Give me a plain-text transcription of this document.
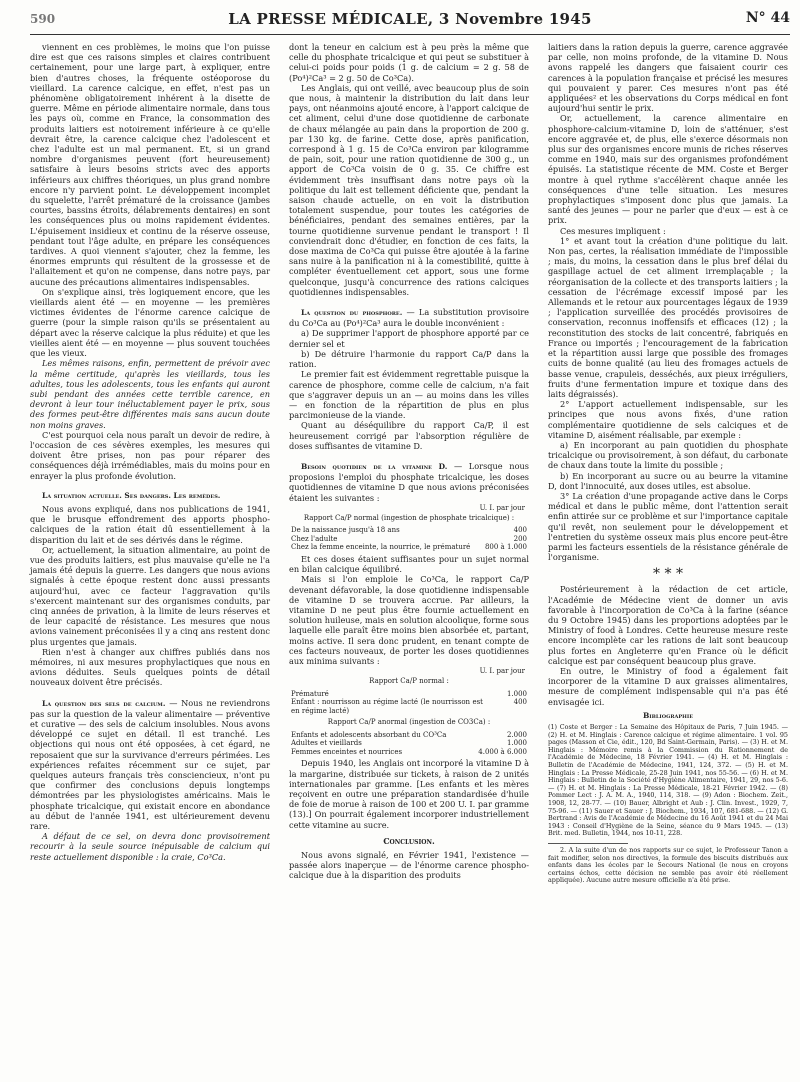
590	LA PRESSE MÉDICALE, 3 Novembre 1945	N° 44

viennent en ces problèmes, le moins que l'on puisse dire est que ces raisons simples et claires contribuent certainement, pour une large part, à expliquer, entre bien d'autres choses, la fréquente ostéoporose du vieillard. La carence calcique, en effet, n'est pas un phénomène obligatoirement inhérent à la disette de guerre. Même en période alimentaire normale, dans tous les pays où, comme en France, la consommation des produits laitiers est notoirement inférieure à ce qu'elle devrait être, la carence calcique chez l'adolescent et chez l'adulte est un mal permanent. Et, si un grand nombre d'organismes peuvent (fort heureusement) satisfaire à leurs besoins stricts avec des apports inférieurs aux chiffres théoriques, un plus grand nombre encore n'y parvient point. Le développement incomplet du squelette, l'arrêt prématuré de la croissance (jambes courtes, bassins étroits, délabrements dentaires) en sont les conséquences plus ou moins rapidement évidentes. L'épuisement insidieux et continu de la réserve osseuse, pendant tout l'âge adulte, en prépare les conséquences tardives. A quoi viennent s'ajouter, chez la femme, les énormes emprunts qui résultent de la grossesse et de l'allaitement et qu'on ne compense, dans notre pays, par aucune des précautions alimentaires indispensables.

On s'explique ainsi, très logiquement encore, que les vieillards aient été — en moyenne — les premières victimes évidentes de l'énorme carence calcique de guerre (pour la simple raison qu'ils se présentaient au départ avec la réserve calcique la plus réduite) et que les vieilles aient été — en moyenne — plus souvent touchées que les vieux.

Les mêmes raisons, enfin, permettent de prévoir avec la même certitude, qu'après les vieillards, tous les adultes, tous les adolescents, tous les enfants qui auront subi pendant des années cette terrible carence, en devront à leur tour inéluctablement payer le prix, sous des formes peut-être différentes mais sans aucun doute non moins graves.

C'est pourquoi cela nous paraît un devoir de redire, à l'occasion de ces sévères exemples, les mesures qui doivent être prises, non pas pour réparer des conséquences déjà irrémédiables, mais du moins pour en enrayer la plus profonde évolution.

La situation actuelle. Ses dangers. Les remèdes.

Nous avons expliqué, dans nos publications de 1941, que le brusque effondrement des apports phospho-calciques de la ration était dû essentiellement à la disparition du lait et de ses dérivés dans le régime.

Or, actuellement, la situation alimentaire, au point de vue des produits laitiers, est plus mauvaise qu'elle ne l'a jamais été depuis la guerre. Les dangers que nous avions signalés à cette époque restent donc aussi pressants aujourd'hui, avec ce facteur l'aggravation qu'ils s'exercent maintenant sur des organismes conduits, par cinq années de privation, à la limite de leurs réserves et de leur capacité de résistance. Les mesures que nous avions vainement préconisées il y a cinq ans restent donc plus urgentes que jamais.

Rien n'est à changer aux chiffres publiés dans nos mémoires, ni aux mesures prophylactiques que nous en avions déduites. Seuls quelques points de détail nouveaux doivent être précisés.

La question des sels de calcium. — Nous ne reviendrons pas sur la question de la valeur alimentaire — préventive et curative — des sels de calcium insolubles. Nous avons développé ce sujet en détail. Il est tranché. Les objections qui nous ont été opposées, à cet égard, ne reposaient que sur la survivance d'erreurs périmées. Les expériences refaites récemment sur ce sujet, par quelques auteurs français très consciencieux, n'ont pu que confirmer des conclusions depuis longtemps démontrées par les physiologistes américains. Mais le phosphate tricalcique, qui existait encore en abondance au début de l'année 1941, est ultérieurement devenu rare.

A défaut de ce sel, on devra donc provisoirement recourir à la seule source inépuisable de calcium qui reste actuellement disponible : la craie, Co³Ca.

dont la teneur en calcium est à peu près la même que celle du phosphate tricalcique et qui peut se substituer à celui-ci poids pour poids (1 g. de calcium = 2 g. 58 de (Po⁴)²Ca³ = 2 g. 50 de Co³Ca).

Les Anglais, qui ont veillé, avec beaucoup plus de soin que nous, à maintenir la distribution du lait dans leur pays, ont néanmoins ajouté encore, à l'apport calcique de cet aliment, celui d'une dose quotidienne de carbonate de chaux mélangée au pain dans la proportion de 200 g. par 130 kg. de farine. Cette dose, après panification, correspond à 1 g. 15 de Co³Ca environ par kilogramme de pain, soit, pour une ration quotidienne de 300 g., un apport de Co³Ca voisin de 0 g. 35. Ce chiffre est évidemment très insuffisant dans notre pays où la politique du lait est tellement déficiente que, pendant la saison chaude actuelle, on en voit la distribution totalement suspendue, pour toutes les catégories de bénéficiaires, pendant des semaines entières, par la tourne quotidienne survenue pendant le transport ! Il conviendrait donc d'étudier, en fonction de ces faits, la dose maxima de Co³Ca qui puisse être ajoutée à la farine sans nuire à la panification ni à la comestibilité, quitte à compléter éventuellement cet apport, sous une forme quelconque, jusqu'à concurrence des rations calciques quotidiennes indispensables.

La question du phosphore. — La substitution provisoire du Co³Ca au (Po⁴)²Ca³ aura le double inconvénient :

a) De supprimer l'apport de phosphore apporté par ce dernier sel et

b) De détruire l'harmonie du rapport Ca/P dans la ration.

Le premier fait est évidemment regrettable puisque la carence de phosphore, comme celle de calcium, n'a fait que s'aggraver depuis un an — au moins dans les villes — en fonction de la répartition de plus en plus parcimonieuse de la viande.

Quant au déséquilibre du rapport Ca/P, il est heureusement corrigé par l'absorption régulière de doses suffisantes de vitamine D.

Besoin quotidien de la vitamine D. — Lorsque nous proposions l'emploi du phosphate tricalcique, les doses quotidiennes de vitamine D que nous avions préconisées étaient les suivantes :

U. I. par jour
Rapport Ca/P normal (ingestion de phosphate tricalcique) :
De la naissance jusqu'à 18 ans	400
Chez l'adulte	200
Chez la femme enceinte, la nourrice, le prématuré	800 à 1.000

Et ces doses étaient suffisantes pour un sujet normal en bilan calcique équilibré.

Mais si l'on emploie le Co³Ca, le rapport Ca/P devenant défavorable, la dose quotidienne indispensable de vitamine D se trouvera accrue. Par ailleurs, la vitamine D ne peut plus être fournie actuellement en solution huileuse, mais en solution alcoolique, forme sous laquelle elle paraît être moins bien absorbée et, partant, moins active. Il sera donc prudent, en tenant compte de ces facteurs nouveaux, de porter les doses quotidiennes aux minima suivants :

U. I. par jour
Rapport Ca/P normal :
Prématuré	1.000
Enfant : nourrisson au régime lacté (le nourrisson est en régime lacté)	400
Rapport Ca/P anormal (ingestion de CO3Ca) :
Enfants et adolescents absorbant du CO³Ca	2.000
Adultes et vieillards	1.000
Femmes enceintes et nourrices	4.000 à 6.000

Depuis 1940, les Anglais ont incorporé la vitamine D à la margarine, distribuée sur tickets, à raison de 2 unités internationales par gramme. [Les enfants et les mères reçoivent en outre une préparation standardisée d'huile de foie de morue à raison de 100 et 200 U. I. par gramme (13).] On pourrait également incorporer industriellement cette vitamine au sucre.

Conclusion.

Nous avons signalé, en Février 1941, l'existence — passée alors inaperçue — de l'énorme carence phospho-calcique due à la disparition des produits

laitiers dans la ration depuis la guerre, carence aggravée par celle, non moins profonde, de la vitamine D. Nous avons rappelé les dangers que faisaient courir ces carences à la population française et précisé les mesures qui pouvaient y parer. Ces mesures n'ont pas été appliquées² et les observations du Corps médical en font aujourd'hui sentir le prix.

Or, actuellement, la carence alimentaire en phosphore-calcium-vitamine D, loin de s'atténuer, s'est encore aggravée et, de plus, elle s'exerce désormais non plus sur des organismes encore munis de riches réserves comme en 1940, mais sur des organismes profondément épuisés. La statistique récente de MM. Coste et Berger montre à quel rythme s'accélèrent chaque année les conséquences d'une telle situation. Les mesures prophylactiques s'imposent donc plus que jamais. La santé des jeunes — pour ne parler que d'eux — est à ce prix.

Ces mesures impliquent :

1° et avant tout la création d'une politique du lait. Non pas, certes, la réalisation immédiate de l'impossible ; mais, du moins, la cessation dans le plus bref délai du gaspillage actuel de cet aliment irremplaçable ; la réorganisation de la collecte et des transports laitiers ; la cessation de l'écrémage excessif imposé par les Allemands et le retour aux pourcentages légaux de 1939 ; l'application surveillée des procédés provisoires de conservation, reconnus inoffensifs et efficaces (12) ; la reconstitution des stocks de lait concentré, fabriqués en France ou importés ; l'encouragement de la fabrication et la répartition aussi large que possible des fromages cuits de bonne qualité (au lieu des fromages actuels de basse venue, crapuleis, desséchés, aux pieux irréguliers, fruits d'une fermentation impure et toxique dans des laits dégraissés).

2° L'apport actuellement indispensable, sur les principes que nous avons fixés, d'une ration complémentaire quotidienne de sels calciques et de vitamine D, aisément réalisable, par exemple :

a) En incorporant au pain quotidien du phosphate tricalcique ou provisoirement, à son défaut, du carbonate de chaux dans toute la limite du possible ;

b) En incorporant au sucre ou au beurre la vitamine D, dont l'innocuité, aux doses utiles, est absolue.

3° La création d'une propagande active dans le Corps médical et dans le public même, dont l'attention serait enfin attirée sur ce problème et sur l'importance capitale qu'il revêt, non seulement pour le développement et l'entretien du système osseux mais plus encore peut-être parmi les facteurs essentiels de la résistance générale de l'organisme.

* * *

Postérieurement à la rédaction de cet article, l'Académie de Médecine vient de donner un avis favorable à l'incorporation de Co³Ca à la farine (séance du 9 Octobre 1945) dans les proportions adoptées par le Ministry of food à Londres. Cette heureuse mesure reste encore incomplète car les rations de lait sont beaucoup plus fortes en Angleterre qu'en France où le déficit calcique est par conséquent beaucoup plus grave.

En outre, le Ministry of food a également fait incorporer de la vitamine D aux graisses alimentaires, mesure de complément indispensable qui n'a pas été envisagée ici.

Bibliographie

(1) Coste et Berger : La Semaine des Hôpitaux de Paris, 7 Juin 1945. — (2) H. et M. Hinglais : Carence calcique et régime alimentaire. 1 vol. 95 pages (Masson et Cie, édit., 120, Bd Saint-Germain, Paris). — (3) H. et M. Hinglais : Mémoire remis à la Commission du Rationnement de l'Académie de Médecine, 18 Février 1941. — (4) H. et M. Hinglais : Bulletin de l'Académie de Médecine, 1941, 124, 372. — (5) H. et M. Hinglais : La Presse Médicale, 25-28 Juin 1941, nos 55-56. — (6) H. et M. Hinglais : Bulletin de la Société d'Hygiène Alimentaire, 1941, 29, nos 5-6. — (7) H. et M. Hinglais : La Presse Médicale, 18-21 Février 1942. — (8) Pommer Lect : J. A. M. A., 1940, 114, 318. — (9) Adon : Biochem. Zeit., 1908, 12, 28-77. — (10) Bauer, Albright et Aub : J. Clin. Invest., 1929, 7, 75-96. — (11) Sauer et Sauer : J. Biochem., 1934, 107, 681-688. — (12) G. Bertrand : Avis de l'Académie de Médecine du 16 Août 1941 et du 24 Mai 1943 : Conseil d'Hygiène de la Seine, séance du 9 Mars 1945. — (13) Brit. med. Bulletin, 1944, nos 10-11, 228.

2. A la suite d'un de nos rapports sur ce sujet, le Professeur Tanon a fait modifier, selon nos directives, la formule des biscuits distribués aux enfants dans les écoles par le Secours National (le nous en croyons certains échos, cette décision ne semble pas avoir été réellement appliquée). Aucune autre mesure officielle n'a été prise.
